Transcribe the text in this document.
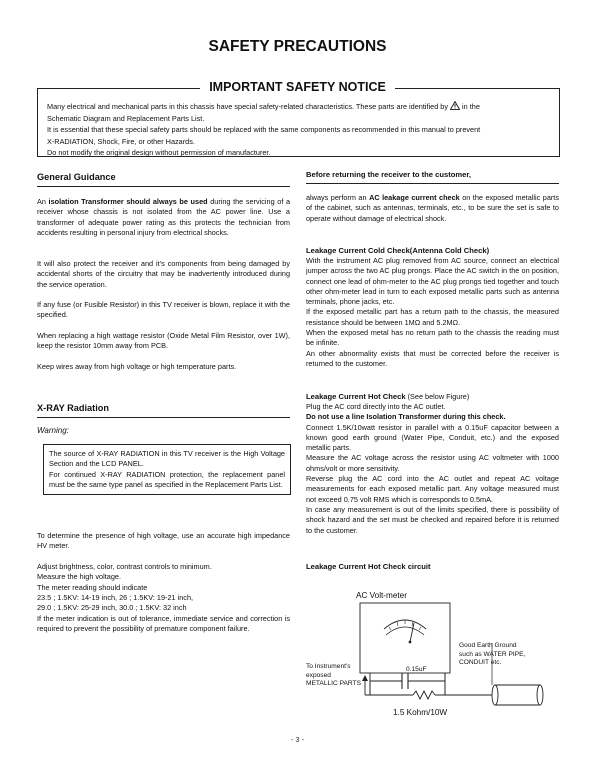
SAFETY PRECAUTIONS
IMPORTANT SAFETY NOTICE

Many electrical and mechanical parts in this chassis have special safety-related characteristics. These parts are identified by in the

Schematic Diagram and Replacement Parts List.

It is essential that these special safety parts should be replaced with the same components as recommended in this manual to prevent

X-RADIATION, Shock, Fire, or other Hazards.

Do not modify the original design without permission of manufacturer.

General Guidance

An isolation Transformer should always be used during the servicing of a receiver whose chassis is not isolated from the AC power line. Use a transformer of adequate power rating as this protects the technician from accidents resulting in personal injury from electrical shocks.

It will also protect the receiver and it's components from being damaged by accidental shorts of the circuitry that may be inadvertently introduced during the service operation.

If any fuse (or Fusible Resistor) in this TV receiver is blown, replace it with the specified.

When replacing a high wattage resistor (Oxide Metal Film Resistor, over 1W), keep the resistor 10mm away from PCB.

Keep wires away from high voltage or high temperature parts.

X-RAY Radiation
Warning:

The source of X-RAY RADIATION in this TV receiver is the High Voltage Section and the LCD PANEL.

For continued X-RAY RADIATION protection, the replacement panel must be the same type panel as specified in the Replacement Parts List.

To determine the presence of high voltage, use an accurate high impedance HV meter.

Adjust brightness, color, contrast controls to minimum.

Measure the high voltage.

The meter reading should indicate

23.5 ; 1.5KV: 14-19 inch, 26 ; 1.5KV: 19-21 inch,

29.0 ; 1.5KV: 25-29 inch, 30.0 ; 1.5KV: 32 inch

If the meter indication is out of tolerance, immediate service and correction is required to prevent the possibility of premature component failure.

Before returning the receiver to the customer,

always perform an AC leakage current check on the exposed metallic parts of the cabinet, such as antennas, terminals, etc., to be sure the set is safe to operate without damage of electrical shock.

Leakage Current Cold Check(Antenna Cold Check)

With the instrument AC plug removed from AC source, connect an electrical jumper across the two AC plug prongs. Place the AC switch in the on position, connect one lead of ohm-meter to the AC plug prongs tied together and touch other ohm-meter lead in turn to each exposed metallic parts such as antenna terminals, phone jacks, etc.

If the exposed metallic part has a return path to the chassis, the measured resistance should be between 1MΩ and 5.2MΩ.

When the exposed metal has no return path to the chassis the reading must be infinite.

An other abnormality exists that must be corrected before the receiver is returned to the customer.

Leakage Current Hot Check (See below Figure)

Plug the AC cord directly into the AC outlet.

Do not use a line Isolation Transformer during this check.

Connect 1.5K/10watt resistor in parallel with a 0.15uF capacitor between a known good earth ground (Water Pipe, Conduit, etc.) and the exposed metallic parts.

Measure the AC voltage across the resistor using AC voltmeter with 1000 ohms/volt or more sensitivity.

Reverse plug the AC cord into the AC outlet and repeat AC voltage measurements for each exposed metallic part. Any voltage measured must not exceed 0.75 volt RMS which is corresponds to 0.5mA.

In case any measurement is out of the limits specified, there is possibility of shock hazard and the set must be checked and repaired before it is returned to the customer.

Leakage Current Hot Check circuit
AC Volt-meter
Good Earth Ground
such as WATER PIPE,
CONDUIT etc.
To Instrument's
exposed
METALLIC PARTS
0.15uF
1.5 Kohm/10W
- 3 -
